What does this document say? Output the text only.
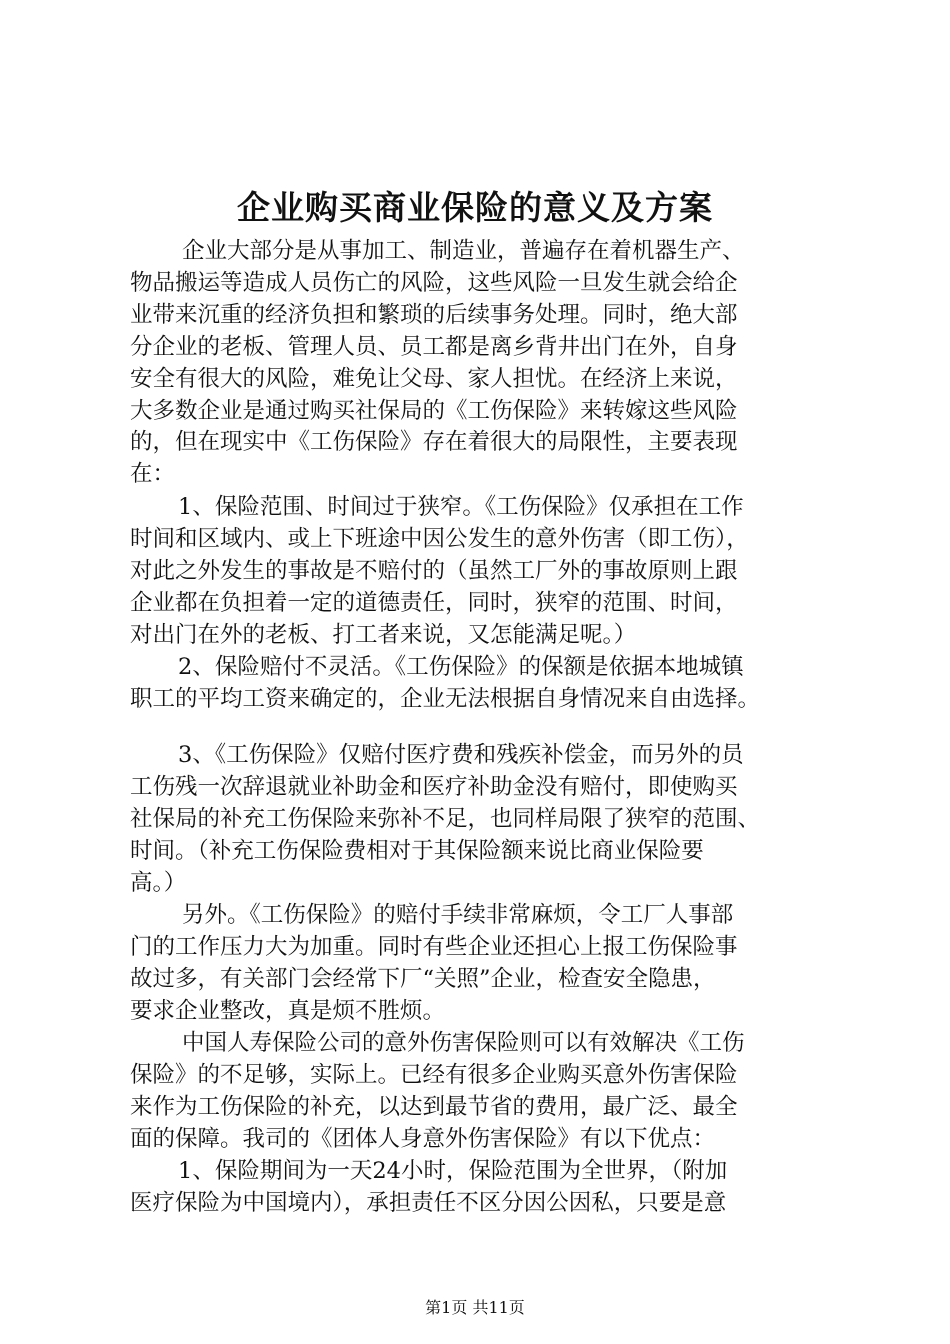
企业购买商业保险的意义及方案
企业大部分是从事加工、制造业，普遍存在着机器生产、
物品搬运等造成人员伤亡的风险，这些风险一旦发生就会给企
业带来沉重的经济负担和繁琐的后续事务处理。同时，绝大部
分企业的老板、管理人员、员工都是离乡背井出门在外，自身
安全有很大的风险，难免让父母、家人担忧。在经济上来说，
大多数企业是通过购买社保局的《工伤保险》来转嫁这些风险
的，但在现实中《工伤保险》存在着很大的局限性，主要表现
在：
1、保险范围、时间过于狭窄。《工伤保险》仅承担在工作
时间和区域内、或上下班途中因公发生的意外伤害（即工伤），
对此之外发生的事故是不赔付的（虽然工厂外的事故原则上跟
企业都在负担着一定的道德责任，同时，狭窄的范围、时间，
对出门在外的老板、打工者来说，又怎能满足呢。）
2、保险赔付不灵活。《工伤保险》的保额是依据本地城镇
职工的平均工资来确定的，企业无法根据自身情况来自由选择。
3、《工伤保险》仅赔付医疗费和残疾补偿金，而另外的员
工伤残一次辞退就业补助金和医疗补助金没有赔付，即使购买
社保局的补充工伤保险来弥补不足，也同样局限了狭窄的范围、
时间。（补充工伤保险费相对于其保险额来说比商业保险要
高。）
另外。《工伤保险》的赔付手续非常麻烦，令工厂人事部
门的工作压力大为加重。同时有些企业还担心上报工伤保险事
故过多，有关部门会经常下厂“关照”企业，检查安全隐患，
要求企业整改，真是烦不胜烦。
中国人寿保险公司的意外伤害保险则可以有效解决《工伤
保险》的不足够，实际上。已经有很多企业购买意外伤害保险
来作为工伤保险的补充，以达到最节省的费用，最广泛、最全
面的保障。我司的《团体人身意外伤害保险》有以下优点：
1、保险期间为一天24小时，保险范围为全世界，（附加
医疗保险为中国境内），承担责任不区分因公因私，只要是意
第1页 共11页
